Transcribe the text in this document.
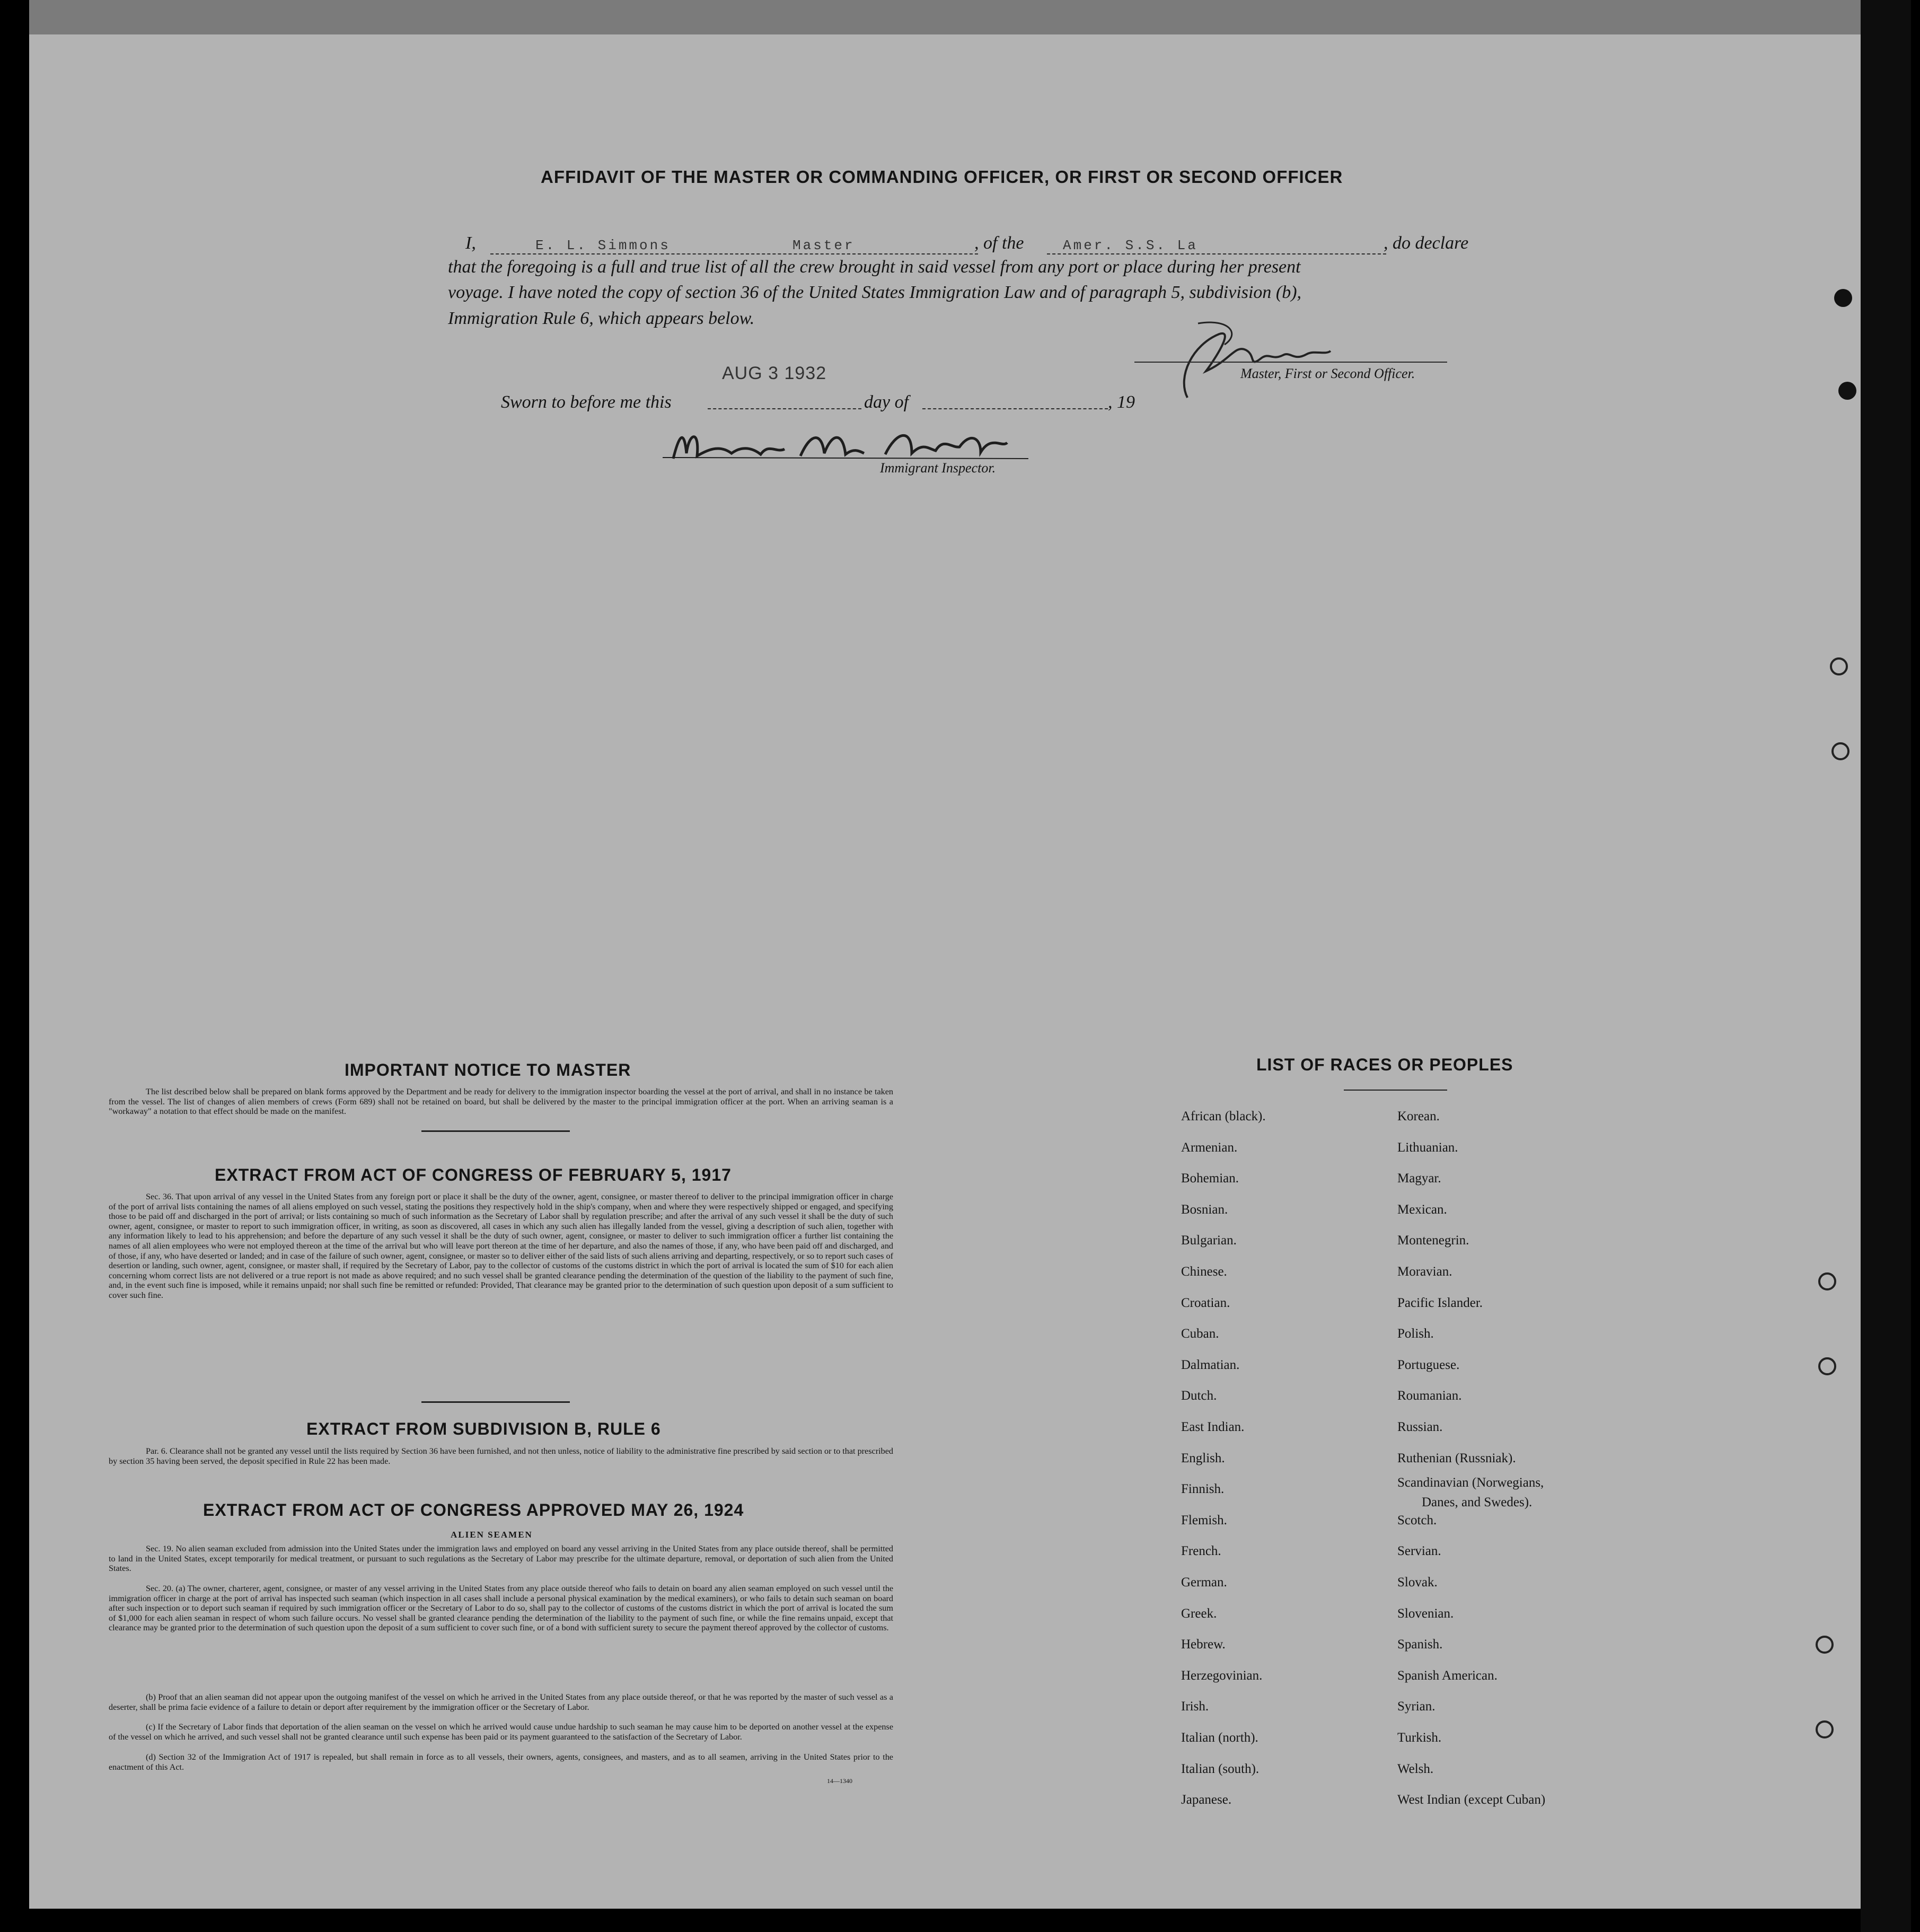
AFFIDAVIT OF THE MASTER OR COMMANDING OFFICER, OR FIRST OR SECOND OFFICER
I,	E. L. Simmons	Master	, of the	Amer. S.S. La	, do declare
that the foregoing is a full and true list of all the crew brought in said vessel from any port or place during her present
voyage. I have noted the copy of section 36 of the United States Immigration Law and of paragraph 5, subdivision (b),
Immigration Rule 6, which appears below.
Master, First or Second Officer.
AUG 3 1932
Sworn to before me this	day of	, 19
Immigrant Inspector.
IMPORTANT NOTICE TO MASTER
The list described below shall be prepared on blank forms approved by the Department and be ready for delivery to the immigration inspector boarding the vessel at the port of arrival, and shall in no instance be taken from the vessel. The list of changes of alien members of crews (Form 689) shall not be retained on board, but shall be delivered by the master to the principal immigration officer at the port. When an arriving seaman is a "workaway" a notation to that effect should be made on the manifest.
EXTRACT FROM ACT OF CONGRESS OF FEBRUARY 5, 1917
Sec. 36. That upon arrival of any vessel in the United States from any foreign port or place it shall be the duty of the owner, agent, consignee, or master thereof to deliver to the principal immigration officer in charge of the port of arrival lists containing the names of all aliens employed on such vessel, stating the positions they respectively hold in the ship's company, when and where they were respectively shipped or engaged, and specifying those to be paid off and discharged in the port of arrival; or lists containing so much of such information as the Secretary of Labor shall by regulation prescribe; and after the arrival of any such vessel it shall be the duty of such owner, agent, consignee, or master to report to such immigration officer, in writing, as soon as discovered, all cases in which any such alien has illegally landed from the vessel, giving a description of such alien, together with any information likely to lead to his apprehension; and before the departure of any such vessel it shall be the duty of such owner, agent, consignee, or master to deliver to such immigration officer a further list containing the names of all alien employees who were not employed thereon at the time of the arrival but who will leave port thereon at the time of her departure, and also the names of those, if any, who have been paid off and discharged, and of those, if any, who have deserted or landed; and in case of the failure of such owner, agent, consignee, or master so to deliver either of the said lists of such aliens arriving and departing, respectively, or so to report such cases of desertion or landing, such owner, agent, consignee, or master shall, if required by the Secretary of Labor, pay to the collector of customs of the customs district in which the port of arrival is located the sum of $10 for each alien concerning whom correct lists are not delivered or a true report is not made as above required; and no such vessel shall be granted clearance pending the determination of the question of the liability to the payment of such fine, and, in the event such fine is imposed, while it remains unpaid; nor shall such fine be remitted or refunded: Provided, That clearance may be granted prior to the determination of such question upon deposit of a sum sufficient to cover such fine.
EXTRACT FROM SUBDIVISION B, RULE 6
Par. 6. Clearance shall not be granted any vessel until the lists required by Section 36 have been furnished, and not then unless, notice of liability to the administrative fine prescribed by said section or to that prescribed by section 35 having been served, the deposit specified in Rule 22 has been made.
EXTRACT FROM ACT OF CONGRESS APPROVED MAY 26, 1924
ALIEN SEAMEN
Sec. 19. No alien seaman excluded from admission into the United States under the immigration laws and employed on board any vessel arriving in the United States from any place outside thereof, shall be permitted to land in the United States, except temporarily for medical treatment, or pursuant to such regulations as the Secretary of Labor may prescribe for the ultimate departure, removal, or deportation of such alien from the United States.
Sec. 20. (a) The owner, charterer, agent, consignee, or master of any vessel arriving in the United States from any place outside thereof who fails to detain on board any alien seaman employed on such vessel until the immigration officer in charge at the port of arrival has inspected such seaman (which inspection in all cases shall include a personal physical examination by the medical examiners), or who fails to detain such seaman on board after such inspection or to deport such seaman if required by such immigration officer or the Secretary of Labor to do so, shall pay to the collector of customs of the customs district in which the port of arrival is located the sum of $1,000 for each alien seaman in respect of whom such failure occurs. No vessel shall be granted clearance pending the determination of the liability to the payment of such fine, or while the fine remains unpaid, except that clearance may be granted prior to the determination of such question upon the deposit of a sum sufficient to cover such fine, or of a bond with sufficient surety to secure the payment thereof approved by the collector of customs.
(b) Proof that an alien seaman did not appear upon the outgoing manifest of the vessel on which he arrived in the United States from any place outside thereof, or that he was reported by the master of such vessel as a deserter, shall be prima facie evidence of a failure to detain or deport after requirement by the immigration officer or the Secretary of Labor.
(c) If the Secretary of Labor finds that deportation of the alien seaman on the vessel on which he arrived would cause undue hardship to such seaman he may cause him to be deported on another vessel at the expense of the vessel on which he arrived, and such vessel shall not be granted clearance until such expense has been paid or its payment guaranteed to the satisfaction of the Secretary of Labor.
(d) Section 32 of the Immigration Act of 1917 is repealed, but shall remain in force as to all vessels, their owners, agents, consignees, and masters, and as to all seamen, arriving in the United States prior to the enactment of this Act.
14—1340
LIST OF RACES OR PEOPLES
African (black).
Armenian.
Bohemian.
Bosnian.
Bulgarian.
Chinese.
Croatian.
Cuban.
Dalmatian.
Dutch.
East Indian.
English.
Finnish.
Flemish.
French.
German.
Greek.
Hebrew.
Herzegovinian.
Irish.
Italian (north).
Italian (south).
Japanese.
Korean.
Lithuanian.
Magyar.
Mexican.
Montenegrin.
Moravian.
Pacific Islander.
Polish.
Portuguese.
Roumanian.
Russian.
Ruthenian (Russniak).
Scandinavian (Norwegians,
Danes, and Swedes).
Scotch.
Servian.
Slovak.
Slovenian.
Spanish.
Spanish American.
Syrian.
Turkish.
Welsh.
West Indian (except Cuban)
